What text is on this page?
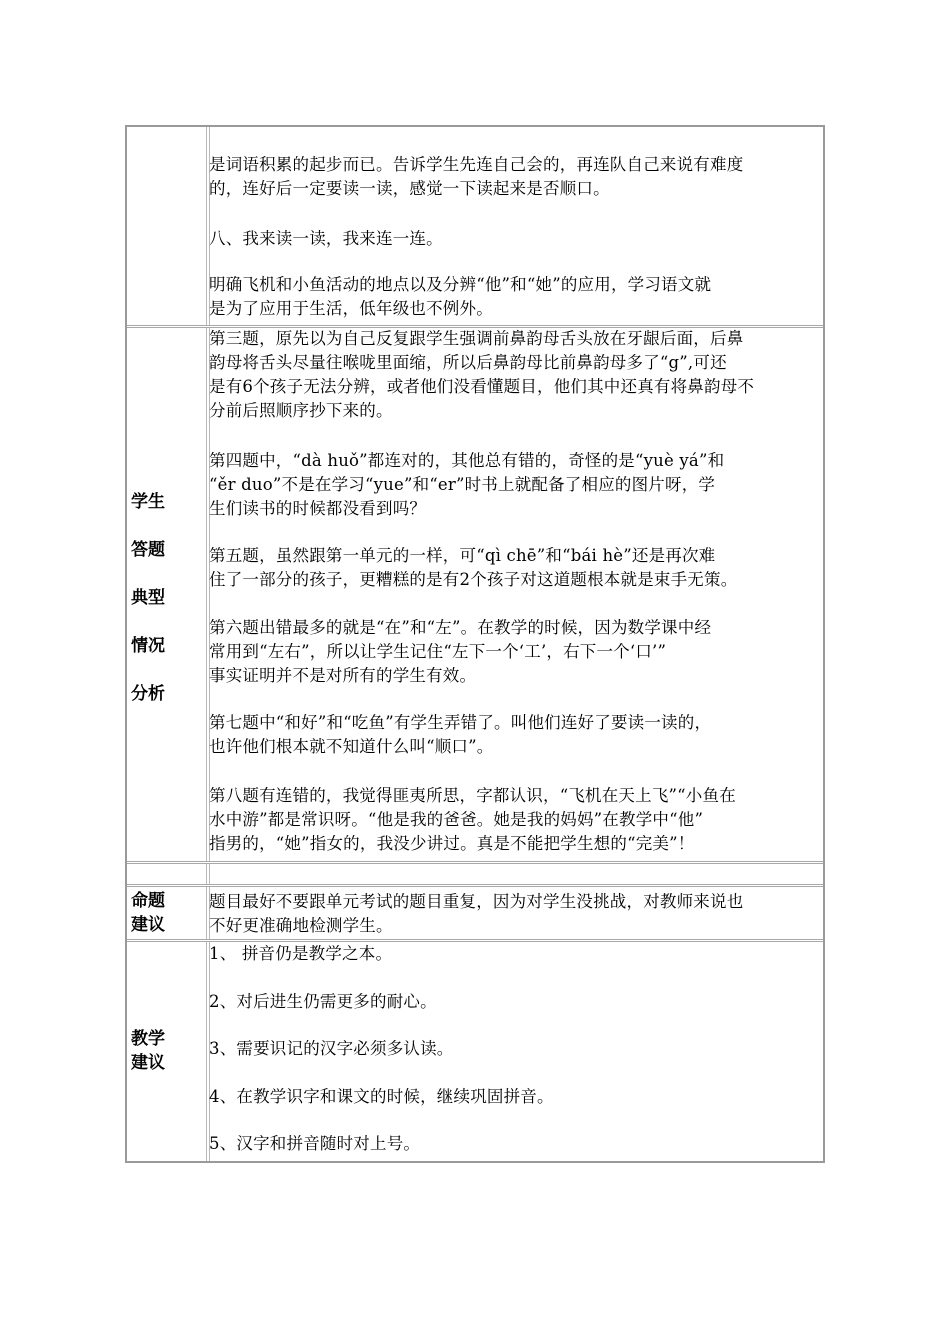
是词语积累的起步而已。告诉学生先连自己会的，再连队自己来说有难度
的，连好后一定要读一读，感觉一下读起来是否顺口。
八、我来读一读，我来连一连。
明确飞机和小鱼活动的地点以及分辨“他”和“她”的应用，学习语文就
是为了应用于生活，低年级也不例外。
学生
答题
典型
情况
分析
第三题，原先以为自己反复跟学生强调前鼻韵母舌头放在牙龈后面，后鼻
韵母将舌头尽量往喉咙里面缩，所以后鼻韵母比前鼻韵母多了“g”,可还
是有6个孩子无法分辨，或者他们没看懂题目，他们其中还真有将鼻韵母不
分前后照顺序抄下来的。
第四题中，“dà huǒ”都连对的，其他总有错的，奇怪的是“yuè yá”和
“ěr duo”不是在学习“yue”和“er”时书上就配备了相应的图片呀，学
生们读书的时候都没看到吗？
第五题，虽然跟第一单元的一样，可“qì chē”和“bái hè”还是再次难
住了一部分的孩子，更糟糕的是有2个孩子对这道题根本就是束手无策。
第六题出错最多的就是“在”和“左”。在教学的时候，因为数学课中经
常用到“左右”，所以让学生记住“左下一个‘工’，右下一个‘口’”
事实证明并不是对所有的学生有效。
第七题中“和好”和“吃鱼”有学生弄错了。叫他们连好了要读一读的，
也许他们根本就不知道什么叫“顺口”。
第八题有连错的，我觉得匪夷所思，字都认识，“飞机在天上飞”“小鱼在
水中游”都是常识呀。“他是我的爸爸。她是我的妈妈”在教学中“他”
指男的，“她”指女的，我没少讲过。真是不能把学生想的“完美”！
命题
建议
题目最好不要跟单元考试的题目重复，因为对学生没挑战，对教师来说也
不好更准确地检测学生。
教学
建议
1、 拼音仍是教学之本。
2、对后进生仍需更多的耐心。
3、需要识记的汉字必须多认读。
4、在教学识字和课文的时候，继续巩固拼音。
5、汉字和拼音随时对上号。
